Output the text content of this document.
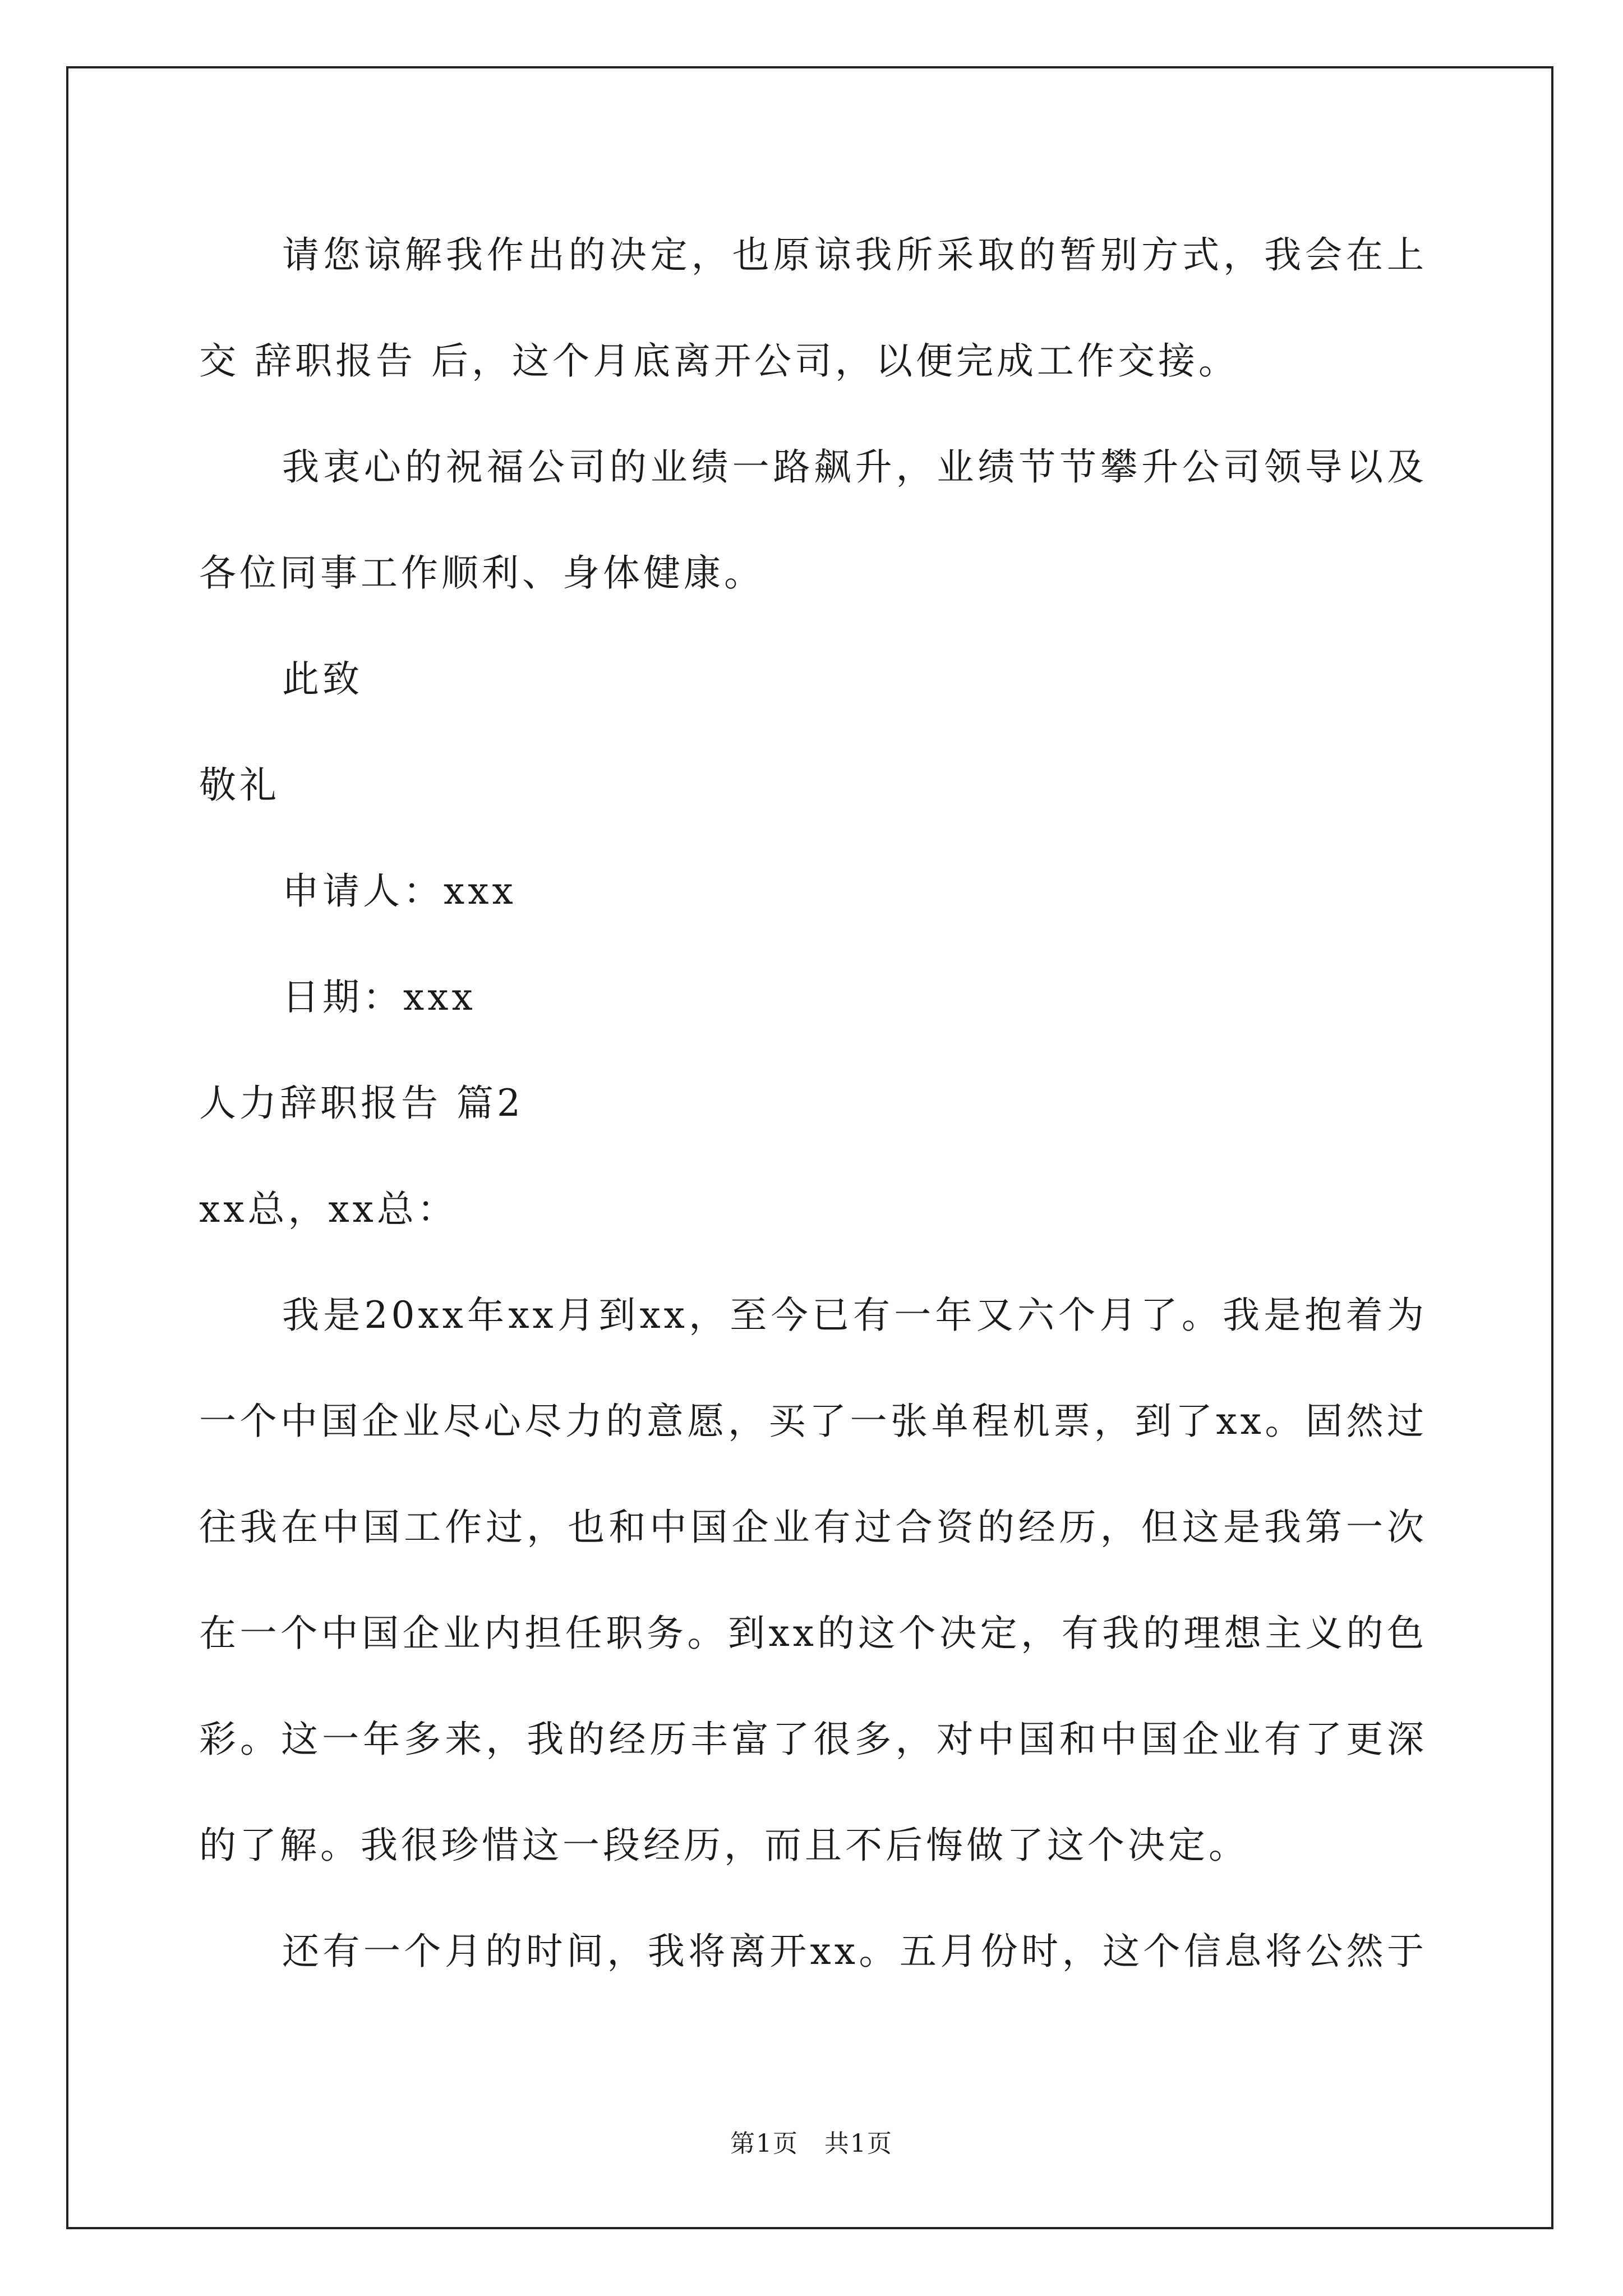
请您谅解我作出的决定，也原谅我所采取的暂别方式，我会在上
交 辞职报告 后，这个月底离开公司，以便完成工作交接。
我衷心的祝福公司的业绩一路飙升，业绩节节攀升公司领导以及
各位同事工作顺利、身体健康。
此致
敬礼
申请人：xxx
日期：xxx
人力辞职报告 篇2
xx总，xx总：
我是20xx年xx月到xx，至今已有一年又六个月了。我是抱着为
一个中国企业尽心尽力的意愿，买了一张单程机票，到了xx。固然过
往我在中国工作过，也和中国企业有过合资的经历，但这是我第一次
在一个中国企业内担任职务。到xx的这个决定，有我的理想主义的色
彩。这一年多来，我的经历丰富了很多，对中国和中国企业有了更深
的了解。我很珍惜这一段经历，而且不后悔做了这个决定。
还有一个月的时间，我将离开xx。五月份时，这个信息将公然于
第1页　共1页
